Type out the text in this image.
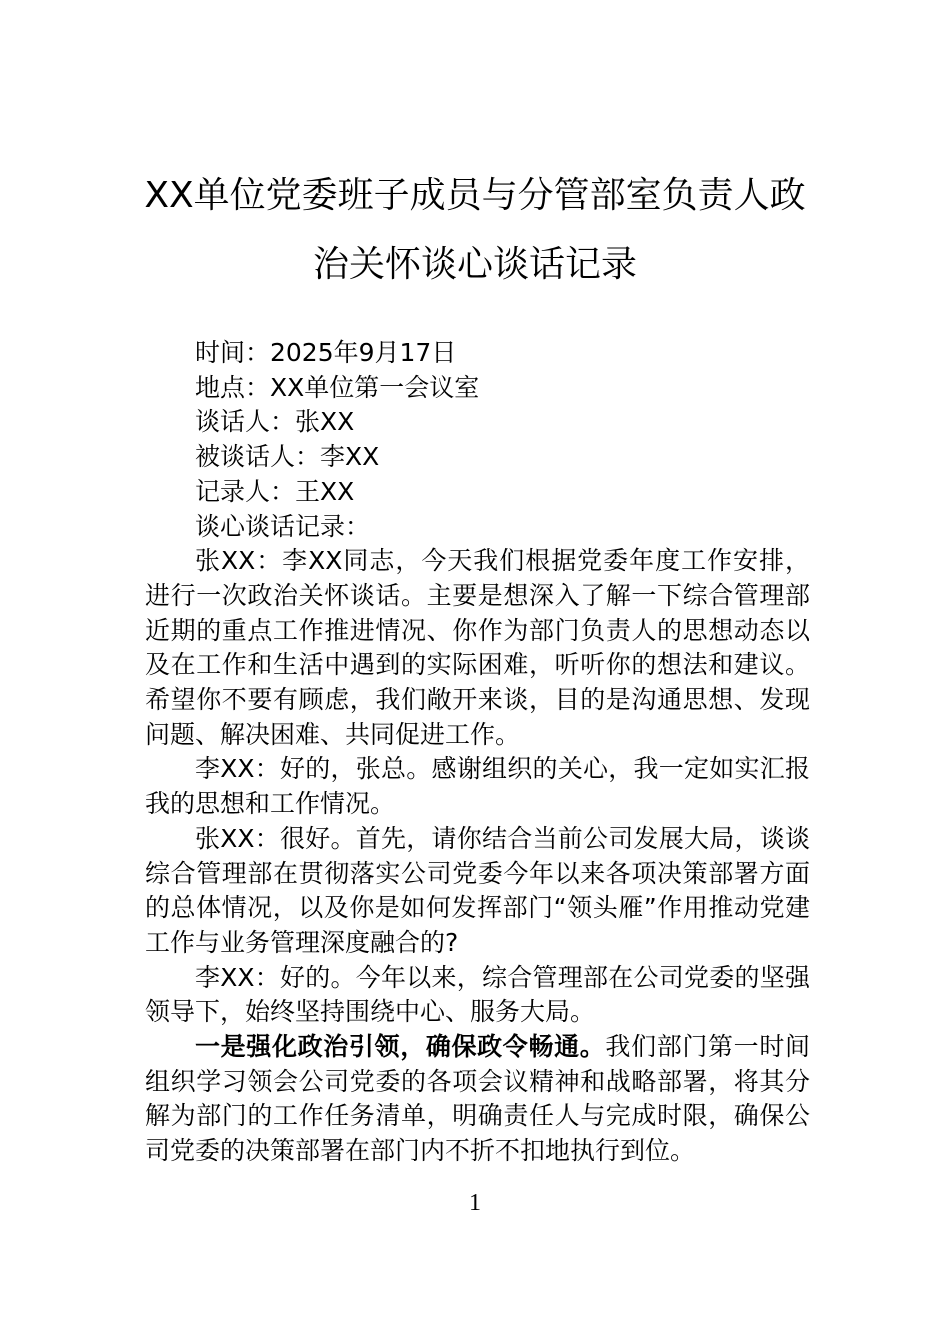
XX单位党委班子成员与分管部室负责人政
治关怀谈心谈话记录

时间：2025年9月17日

地点：XX单位第一会议室

谈话人：张XX

被谈话人：李XX

记录人：王XX

谈心谈话记录：

张XX：李XX同志，今天我们根据党委年度工作安排，进行一次政治关怀谈话。主要是想深入了解一下综合管理部近期的重点工作推进情况、你作为部门负责人的思想动态以及在工作和生活中遇到的实际困难，听听你的想法和建议。希望你不要有顾虑，我们敞开来谈，目的是沟通思想、发现问题、解决困难、共同促进工作。

李XX：好的，张总。感谢组织的关心，我一定如实汇报我的思想和工作情况。

张XX：很好。首先，请你结合当前公司发展大局，谈谈综合管理部在贯彻落实公司党委今年以来各项决策部署方面的总体情况，以及你是如何发挥部门“领头雁”作用推动党建工作与业务管理深度融合的?

李XX：好的。今年以来，综合管理部在公司党委的坚强领导下，始终坚持围绕中心、服务大局。

一是强化政治引领，确保政令畅通。我们部门第一时间组织学习领会公司党委的各项会议精神和战略部署，将其分解为部门的工作任务清单，明确责任人与完成时限，确保公司党委的决策部署在部门内不折不扣地执行到位。

1
